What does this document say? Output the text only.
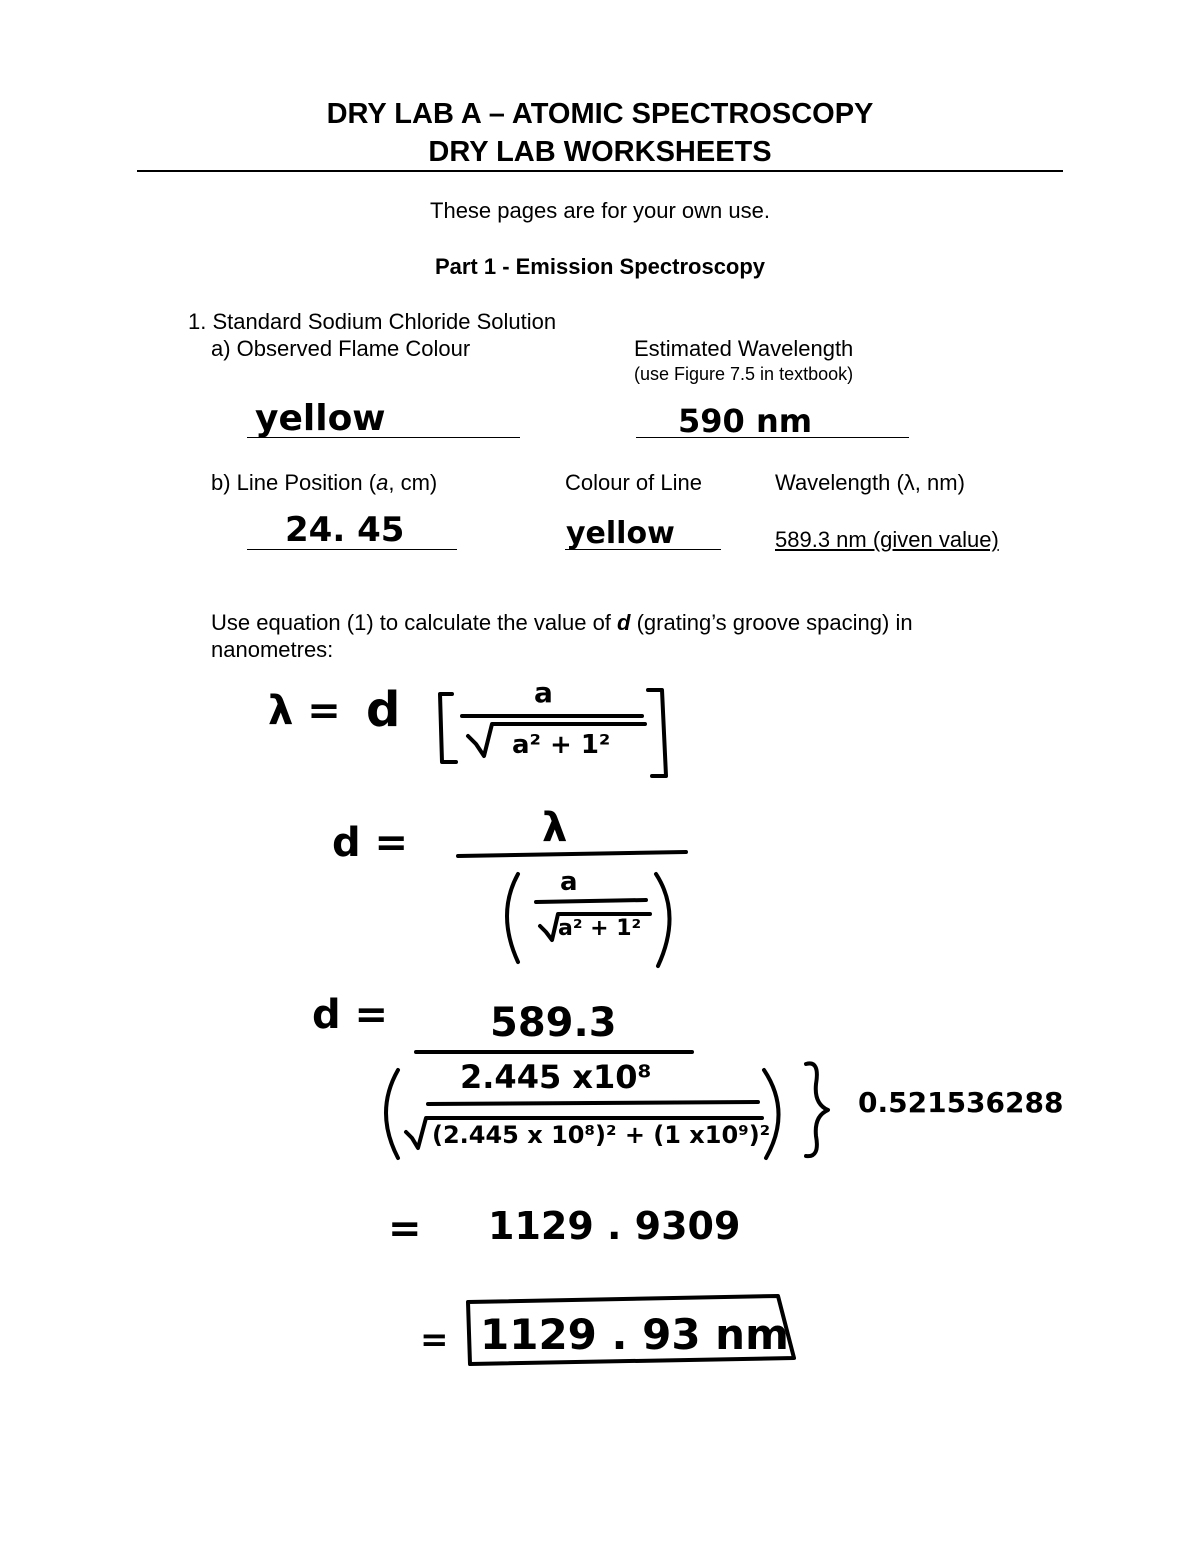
DRY LAB A – ATOMIC SPECTROSCOPY
DRY LAB WORKSHEETS
These pages are for your own use.
Part 1 - Emission Spectroscopy
1. Standard Sodium Chloride Solution
a) Observed Flame Colour	Estimated Wavelength
(use Figure 7.5 in textbook)
yellow	590 nm
b) Line Position (a, cm)	Colour of Line	Wavelength (λ, nm)
24. 45	yellow	589.3 nm (given value)
Use equation (1) to calculate the value of d (grating’s groove spacing) in
nanometres:
λ = d	a
a² + 1²
d =	λ
a
a² + 1²
d =	589.3
2.445 x10⁸
(2.445 x 10⁸)² + (1 x10⁹)²
0.521536288
= 1129 . 9309
= 1129 . 93 nm
